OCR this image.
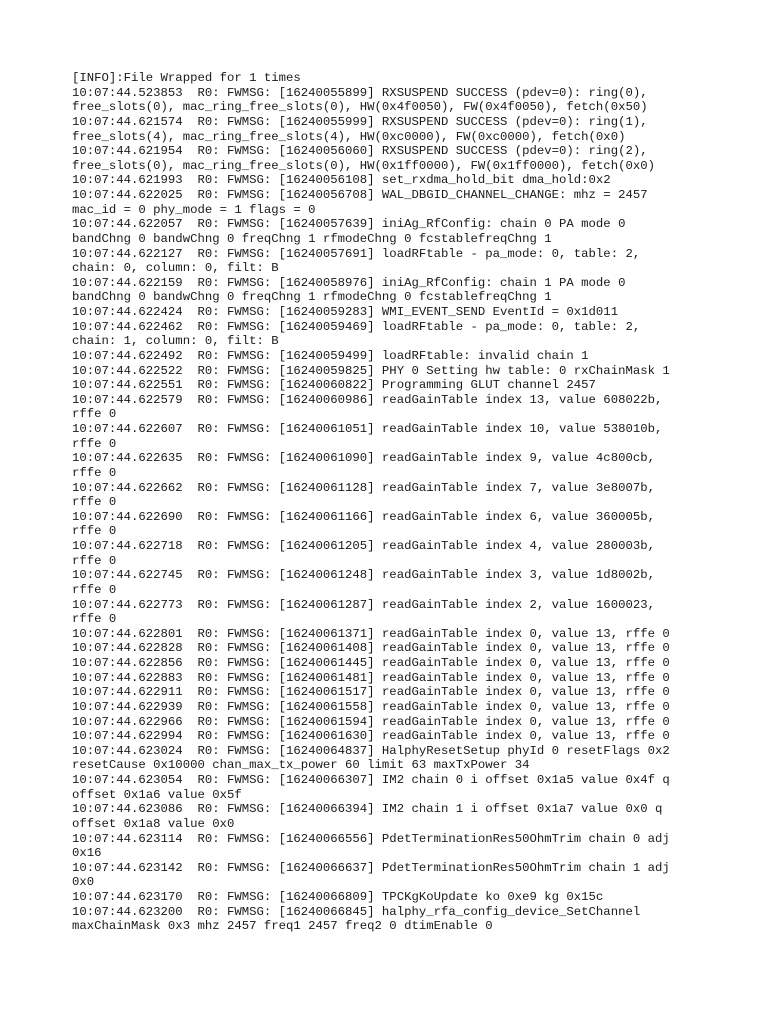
[INFO]:File Wrapped for 1 times
10:07:44.523853  R0: FWMSG: [16240055899] RXSUSPEND SUCCESS (pdev=0): ring(0),
free_slots(0), mac_ring_free_slots(0), HW(0x4f0050), FW(0x4f0050), fetch(0x50)
10:07:44.621574  R0: FWMSG: [16240055999] RXSUSPEND SUCCESS (pdev=0): ring(1),
free_slots(4), mac_ring_free_slots(4), HW(0xc0000), FW(0xc0000), fetch(0x0)
10:07:44.621954  R0: FWMSG: [16240056060] RXSUSPEND SUCCESS (pdev=0): ring(2),
free_slots(0), mac_ring_free_slots(0), HW(0x1ff0000), FW(0x1ff0000), fetch(0x0)
10:07:44.621993  R0: FWMSG: [16240056108] set_rxdma_hold_bit dma_hold:0x2
10:07:44.622025  R0: FWMSG: [16240056708] WAL_DBGID_CHANNEL_CHANGE: mhz = 2457
mac_id = 0 phy_mode = 1 flags = 0
10:07:44.622057  R0: FWMSG: [16240057639] iniAg_RfConfig: chain 0 PA mode 0
bandChng 0 bandwChng 0 freqChng 1 rfmodeChng 0 fcstablefreqChng 1
10:07:44.622127  R0: FWMSG: [16240057691] loadRFtable - pa_mode: 0, table: 2,
chain: 0, column: 0, filt: B
10:07:44.622159  R0: FWMSG: [16240058976] iniAg_RfConfig: chain 1 PA mode 0
bandChng 0 bandwChng 0 freqChng 1 rfmodeChng 0 fcstablefreqChng 1
10:07:44.622424  R0: FWMSG: [16240059283] WMI_EVENT_SEND EventId = 0x1d011
10:07:44.622462  R0: FWMSG: [16240059469] loadRFtable - pa_mode: 0, table: 2,
chain: 1, column: 0, filt: B
10:07:44.622492  R0: FWMSG: [16240059499] loadRFtable: invalid chain 1
10:07:44.622522  R0: FWMSG: [16240059825] PHY 0 Setting hw table: 0 rxChainMask 1
10:07:44.622551  R0: FWMSG: [16240060822] Programming GLUT channel 2457
10:07:44.622579  R0: FWMSG: [16240060986] readGainTable index 13, value 608022b,
rffe 0
10:07:44.622607  R0: FWMSG: [16240061051] readGainTable index 10, value 538010b,
rffe 0
10:07:44.622635  R0: FWMSG: [16240061090] readGainTable index 9, value 4c800cb,
rffe 0
10:07:44.622662  R0: FWMSG: [16240061128] readGainTable index 7, value 3e8007b,
rffe 0
10:07:44.622690  R0: FWMSG: [16240061166] readGainTable index 6, value 360005b,
rffe 0
10:07:44.622718  R0: FWMSG: [16240061205] readGainTable index 4, value 280003b,
rffe 0
10:07:44.622745  R0: FWMSG: [16240061248] readGainTable index 3, value 1d8002b,
rffe 0
10:07:44.622773  R0: FWMSG: [16240061287] readGainTable index 2, value 1600023,
rffe 0
10:07:44.622801  R0: FWMSG: [16240061371] readGainTable index 0, value 13, rffe 0
10:07:44.622828  R0: FWMSG: [16240061408] readGainTable index 0, value 13, rffe 0
10:07:44.622856  R0: FWMSG: [16240061445] readGainTable index 0, value 13, rffe 0
10:07:44.622883  R0: FWMSG: [16240061481] readGainTable index 0, value 13, rffe 0
10:07:44.622911  R0: FWMSG: [16240061517] readGainTable index 0, value 13, rffe 0
10:07:44.622939  R0: FWMSG: [16240061558] readGainTable index 0, value 13, rffe 0
10:07:44.622966  R0: FWMSG: [16240061594] readGainTable index 0, value 13, rffe 0
10:07:44.622994  R0: FWMSG: [16240061630] readGainTable index 0, value 13, rffe 0
10:07:44.623024  R0: FWMSG: [16240064837] HalphyResetSetup phyId 0 resetFlags 0x2
resetCause 0x10000 chan_max_tx_power 60 limit 63 maxTxPower 34
10:07:44.623054  R0: FWMSG: [16240066307] IM2 chain 0 i offset 0x1a5 value 0x4f q
offset 0x1a6 value 0x5f
10:07:44.623086  R0: FWMSG: [16240066394] IM2 chain 1 i offset 0x1a7 value 0x0 q
offset 0x1a8 value 0x0
10:07:44.623114  R0: FWMSG: [16240066556] PdetTerminationRes50OhmTrim chain 0 adj
0x16
10:07:44.623142  R0: FWMSG: [16240066637] PdetTerminationRes50OhmTrim chain 1 adj
0x0
10:07:44.623170  R0: FWMSG: [16240066809] TPCKgKoUpdate ko 0xe9 kg 0x15c
10:07:44.623200  R0: FWMSG: [16240066845] halphy_rfa_config_device_SetChannel
maxChainMask 0x3 mhz 2457 freq1 2457 freq2 0 dtimEnable 0
